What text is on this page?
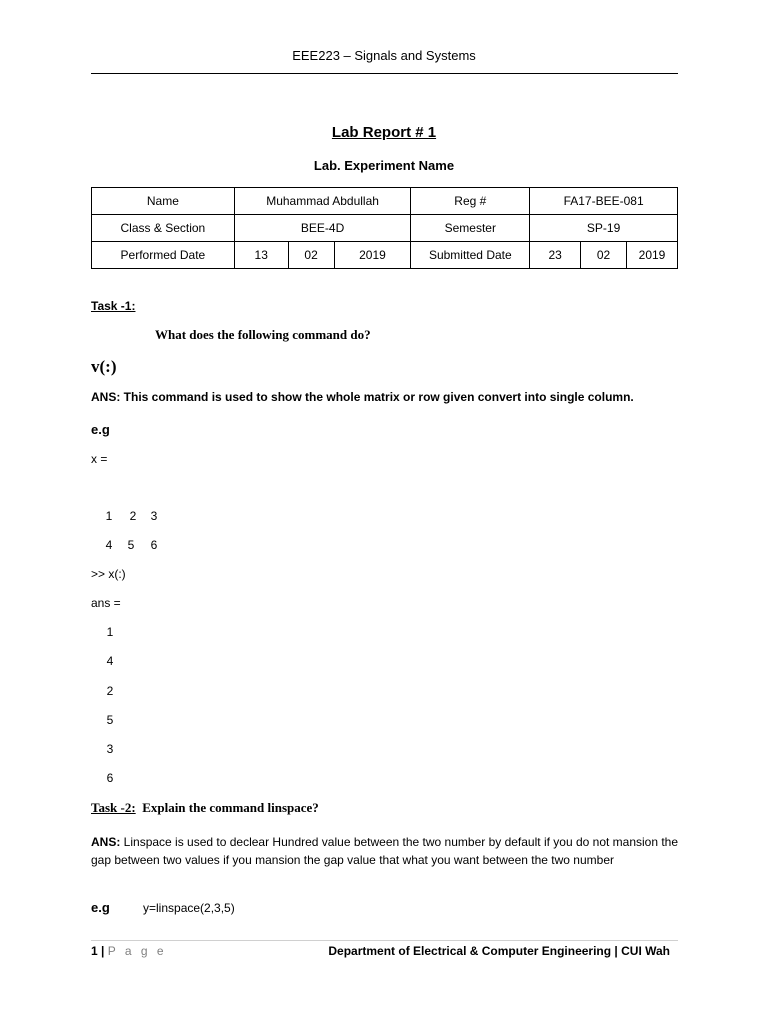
EEE223 – Signals and Systems
Lab Report # 1
Lab. Experiment Name
Name	Muhammad Abdullah			Reg #	FA17-BEE-081		
Class & Section	BEE-4D			Semester	SP-19		
Performed Date	13	02	2019	Submitted Date	23	02	2019
Task -1:
What does the following command do?
v(:)
ANS: This command is used to show the whole matrix or row given convert into single column.
e.g
x =
1	2	3
4	5	6
>> x(:)
ans =
1
4
2
5
3
6
Task -2: Explain the command linspace?
ANS: Linspace is used to declear Hundred value between the two number by default if you do not mansion the gap between two values if you mansion the gap value that what you want between the two number
e.g	y=linspace(2,3,5)
1 | P a g e	Department of Electrical & Computer Engineering | CUI Wah
